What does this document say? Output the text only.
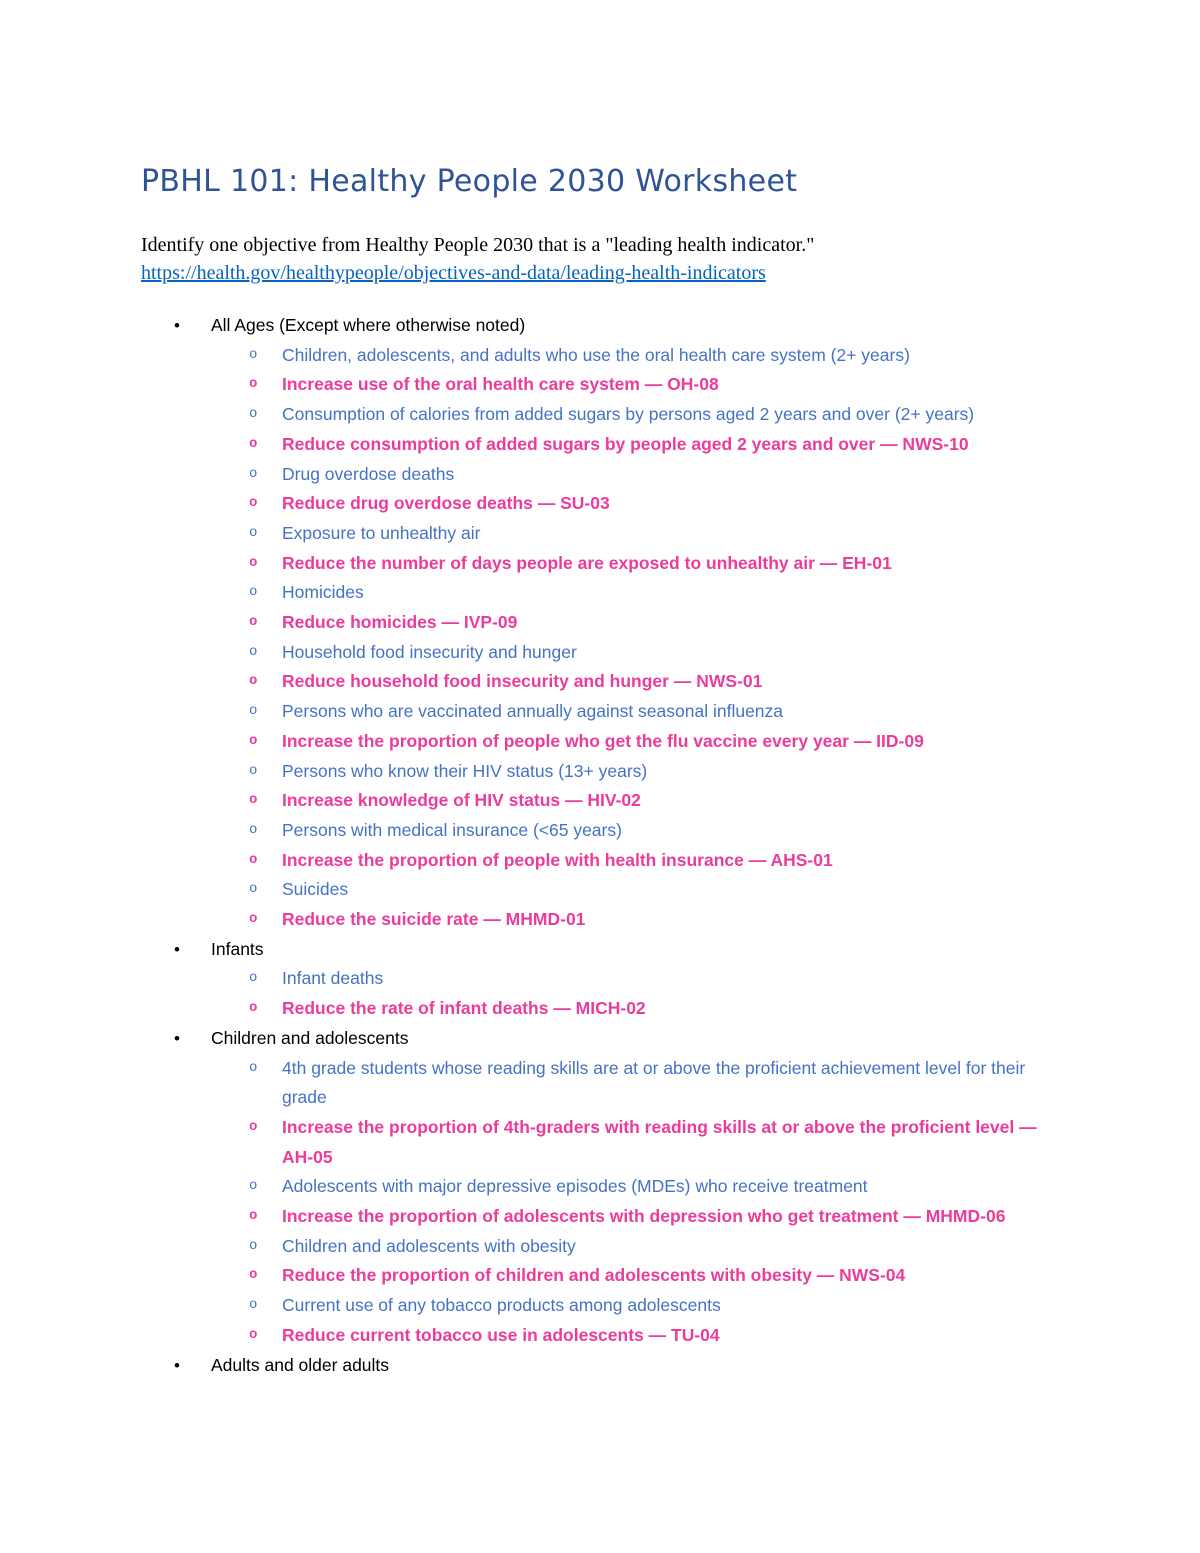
PBHL 101: Healthy People 2030 Worksheet
Identify one objective from Healthy People 2030 that is a "leading health indicator."
https://health.gov/healthypeople/objectives-and-data/leading-health-indicators
• All Ages (Except where otherwise noted)
o Children, adolescents, and adults who use the oral health care system (2+ years)
o Increase use of the oral health care system — OH-08
o Consumption of calories from added sugars by persons aged 2 years and over (2+ years)
o Reduce consumption of added sugars by people aged 2 years and over — NWS-10
o Drug overdose deaths
o Reduce drug overdose deaths — SU-03
o Exposure to unhealthy air
o Reduce the number of days people are exposed to unhealthy air — EH-01
o Homicides
o Reduce homicides — IVP-09
o Household food insecurity and hunger
o Reduce household food insecurity and hunger — NWS-01
o Persons who are vaccinated annually against seasonal influenza
o Increase the proportion of people who get the flu vaccine every year — IID-09
o Persons who know their HIV status (13+ years)
o Increase knowledge of HIV status — HIV-02
o Persons with medical insurance (<65 years)
o Increase the proportion of people with health insurance — AHS-01
o Suicides
o Reduce the suicide rate — MHMD-01
• Infants
o Infant deaths
o Reduce the rate of infant deaths — MICH-02
• Children and adolescents
o 4th grade students whose reading skills are at or above the proficient achievement level for their grade
o Increase the proportion of 4th-graders with reading skills at or above the proficient level — AH-05
o Adolescents with major depressive episodes (MDEs) who receive treatment
o Increase the proportion of adolescents with depression who get treatment — MHMD-06
o Children and adolescents with obesity
o Reduce the proportion of children and adolescents with obesity — NWS-04
o Current use of any tobacco products among adolescents
o Reduce current tobacco use in adolescents — TU-04
• Adults and older adults
